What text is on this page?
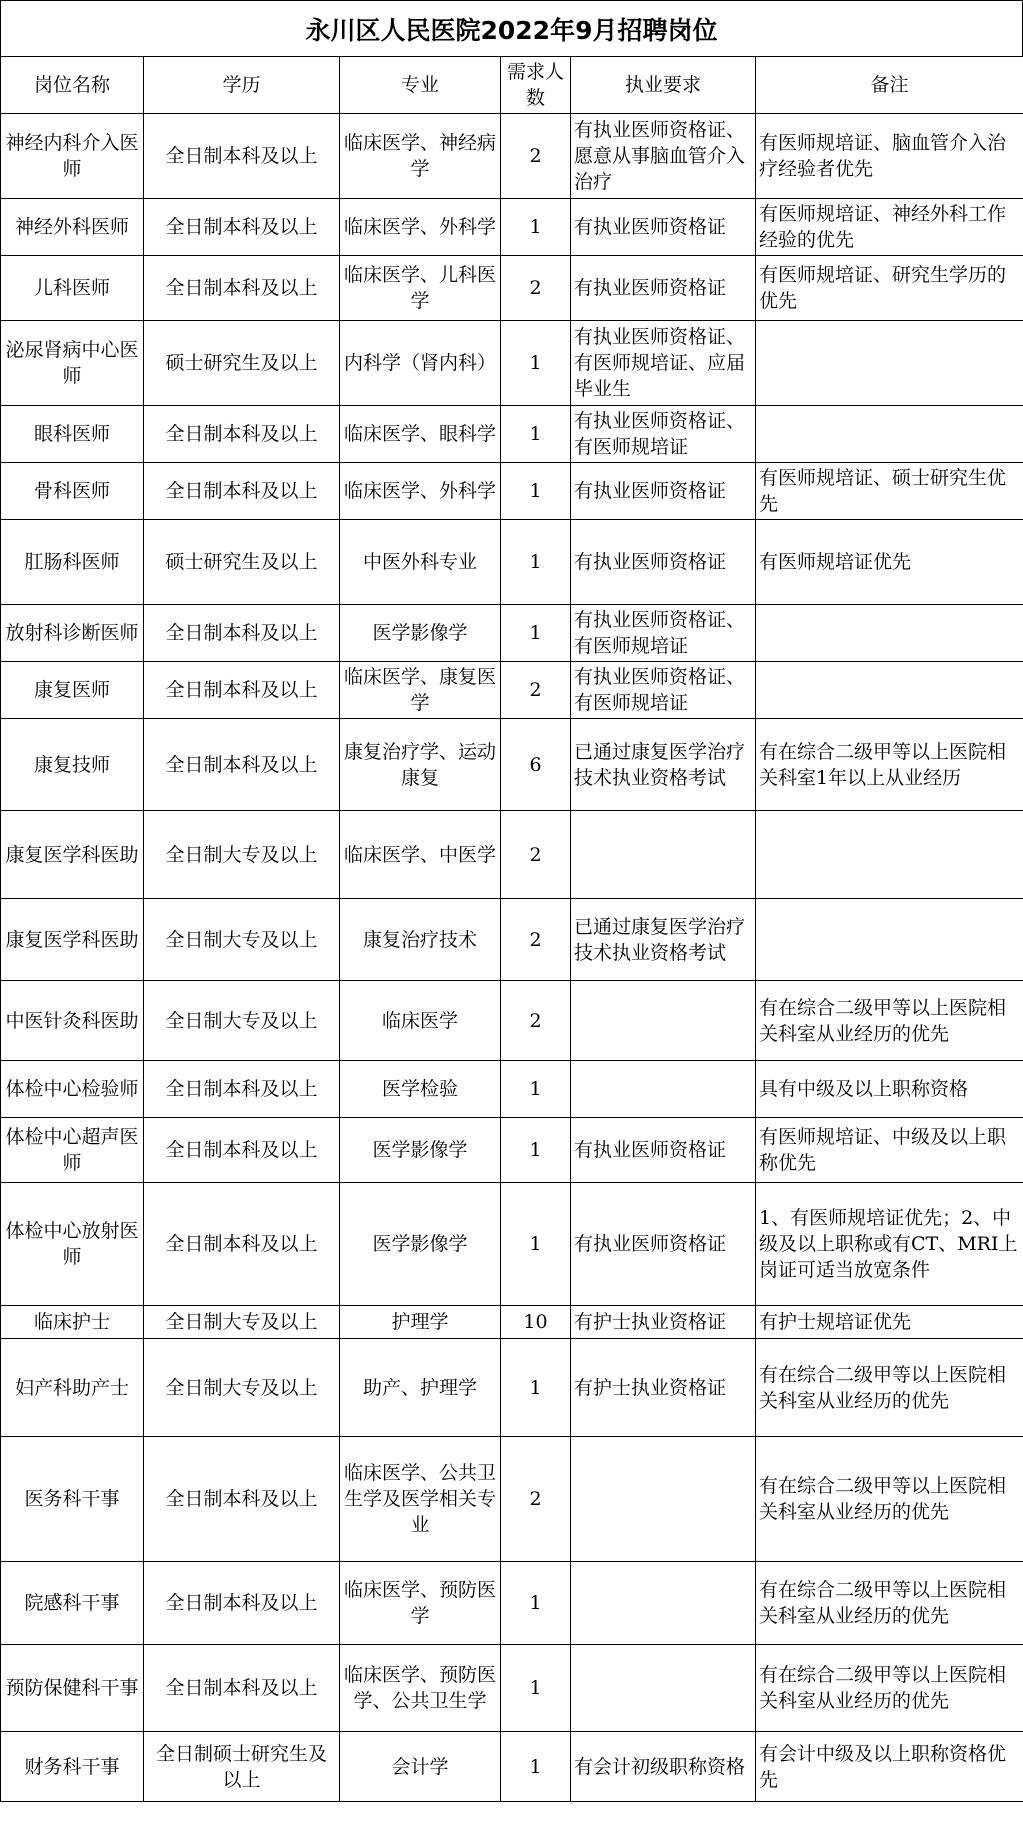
永川区人民医院2022年9月招聘岗位
岗位名称	学历	专业	需求人数	执业要求	备注
神经内科介入医师	全日制本科及以上	临床医学、神经病学	2	有执业医师资格证、愿意从事脑血管介入治疗	有医师规培证、脑血管介入治疗经验者优先
神经外科医师	全日制本科及以上	临床医学、外科学	1	有执业医师资格证	有医师规培证、神经外科工作经验的优先
儿科医师	全日制本科及以上	临床医学、儿科医学	2	有执业医师资格证	有医师规培证、研究生学历的优先
泌尿肾病中心医师	硕士研究生及以上	内科学（肾内科）	1	有执业医师资格证、有医师规培证、应届毕业生	
眼科医师	全日制本科及以上	临床医学、眼科学	1	有执业医师资格证、有医师规培证	
骨科医师	全日制本科及以上	临床医学、外科学	1	有执业医师资格证	有医师规培证、硕士研究生优先
肛肠科医师	硕士研究生及以上	中医外科专业	1	有执业医师资格证	有医师规培证优先
放射科诊断医师	全日制本科及以上	医学影像学	1	有执业医师资格证、有医师规培证	
康复医师	全日制本科及以上	临床医学、康复医学	2	有执业医师资格证、有医师规培证	
康复技师	全日制本科及以上	康复治疗学、运动康复	6	已通过康复医学治疗技术执业资格考试	有在综合二级甲等以上医院相关科室1年以上从业经历
康复医学科医助	全日制大专及以上	临床医学、中医学	2		
康复医学科医助	全日制大专及以上	康复治疗技术	2	已通过康复医学治疗技术执业资格考试	
中医针灸科医助	全日制大专及以上	临床医学	2		有在综合二级甲等以上医院相关科室从业经历的优先
体检中心检验师	全日制本科及以上	医学检验	1		具有中级及以上职称资格
体检中心超声医师	全日制本科及以上	医学影像学	1	有执业医师资格证	有医师规培证、中级及以上职称优先
体检中心放射医师	全日制本科及以上	医学影像学	1	有执业医师资格证	1、有医师规培证优先；2、中级及以上职称或有CT、MRI上岗证可适当放宽条件
临床护士	全日制大专及以上	护理学	10	有护士执业资格证	有护士规培证优先
妇产科助产士	全日制大专及以上	助产、护理学	1	有护士执业资格证	有在综合二级甲等以上医院相关科室从业经历的优先
医务科干事	全日制本科及以上	临床医学、公共卫生学及医学相关专业	2		有在综合二级甲等以上医院相关科室从业经历的优先
院感科干事	全日制本科及以上	临床医学、预防医学	1		有在综合二级甲等以上医院相关科室从业经历的优先
预防保健科干事	全日制本科及以上	临床医学、预防医学、公共卫生学	1		有在综合二级甲等以上医院相关科室从业经历的优先
财务科干事	全日制硕士研究生及以上	会计学	1	有会计初级职称资格	有会计中级及以上职称资格优先
